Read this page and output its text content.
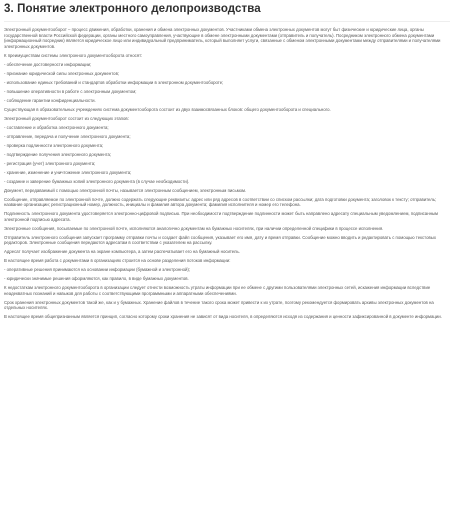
3. Понятие электронного делопроизводства

Электронный документооборот – процесс движения, обработки, хранения и обмена электронных документов. Участниками обмена электронных документов могут быт физические и юридические лица, органы государственной власти Российской федерации, органы местного самоуправления, участвующие в обмене электронными документами (отправитель и получатель). Посредником электронного обмена документами (информационный посредник) является юридическое лицо или индивидуальный предприниматель, который выполняет услуги, связанные с обменом электронными документами между отправителями и получателями электронных документов.

К преимуществам системы электронного документооборота относят:

- обеспечение достоверности информации;

- признание юридической силы электронных документов;

- использование единых требований и стандартов обработки информации в электронном документообороте;

- повышение оперативности в работе с электронным документом;

- соблюдение гарантии конфиденциальности.

Существующая в образовательных учреждениях система документооборота состоит из двух взаимосвязанных блоков: общего документооборота и специального.

Электронный документооборот состоит из следующих этапов:

- составление и обработка электронного документа;

- отправление, передача и получение электронного документа;

- проверка подлинности электронного документа;

- подтверждение получения электронного документа;

- регистрация (учет) электронного документа;

- хранение, изменение и уничтожение электронного документа;

- создание и заверение бумажных копий электронного документа (в случае необходимости).

Документ, передаваемый с помощью электронной почты, называется электронным сообщением, электронным письмом.

Сообщение, отправляемое по электронной почте, должно содержать следующие реквизиты: адрес или ряд адресов в соответствии со списком рассылки; дата подготовки документа; заголовок к тексту; отправитель; название организации; регистрационный номер, должность, инициалы и фамилия автора документа; фамилия исполнителя и номер его телефона.

Подлинность электронного документа удостоверяется электронно-цифровой подписью. При необходимости подтверждение подлинности может быть направлено адресату специальным уведомлением, подписанным электронной подписью адресата.

Электронные сообщения, посылаемые по электронной почте, исполняются аналогично документам на бумажных носителях, при наличии определенной специфики в процессе исполнения.

Отправитель электронного сообщения запускает программу отправки почты и создает файл сообщения, указывает его имя, дату и время отправки. Сообщение можно вводить и редактировать с помощью текстовых редакторов. Электронные сообщения передаются адресатам в соответствии с указателем на рассылку.

Адресат получает изображение документа на экране компьютера, а затем распечатывает его на бумажный носитель.

В настоящее время работа с документами в организациях строится на основе разделения потоков информации:

- оперативные решения принимаются на основании информации (бумажной и электронной);

- юридически значимые решения оформляются, как правило, в виде бумажных документов.

К недостаткам электронного документооборота в организации следует отнести возможность утраты информации при ее обмене с другими пользователями электронных сетей, искажения информации вследствие неадекватных познаний и навыков для работы с соответствующими программными и аппаратными обеспечениями.

Срок хранения электронных документов такой же, как и у бумажных. Хранение файлов в течение такого срока может привести к их утрате, поэтому рекомендуется формировать архивы электронных документов на отдельных носителях.

В настоящее время общепризнанным является принцип, согласно которому сроки хранения не зависят от вида носителя, в определяются исходя из содержания и ценности зафиксированной в документе информации.
